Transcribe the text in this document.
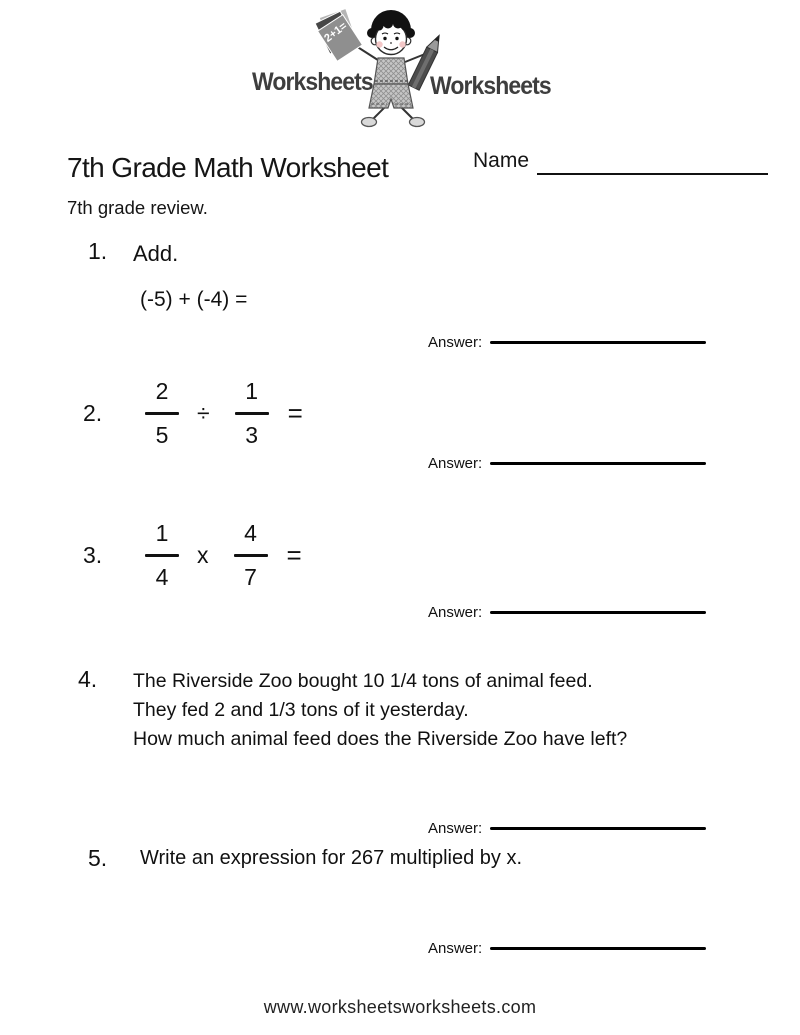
Worksheets Worksheets
2+1=
7th Grade Math Worksheet	Name
7th grade review.
1. Add.
(-5) + (-4) =
Answer:
2. $\frac{2}{5} \div \frac{1}{3}$ =
Answer:
3. $\frac{1}{4}$ x $\frac{4}{7}$ =
Answer:
4. The Riverside Zoo bought 10 1/4 tons of animal feed.
They fed 2 and 1/3 tons of it yesterday.
How much animal feed does the Riverside Zoo have left?
Answer:
5. Write an expression for 267 multiplied by x.
Answer:
www.worksheetsworksheets.com
